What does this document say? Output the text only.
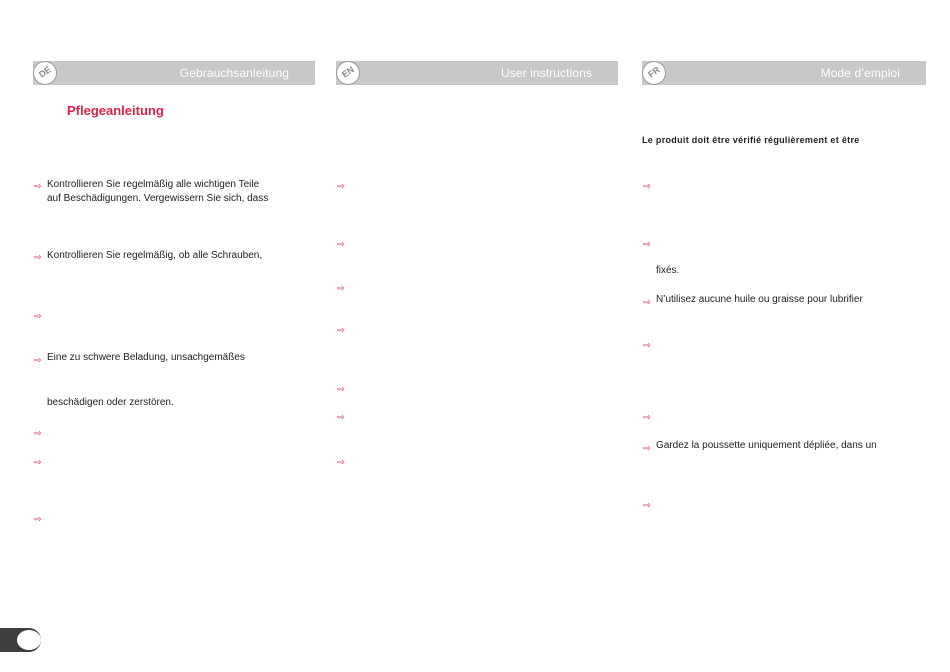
Gebrauchsanleitung
DE
Pflegeanleitung
⇨ Kontrollieren Sie regelmäßig alle wichtigen Teile
auf Beschädigungen. Vergewissern Sie sich, dass
⇨ Kontrollieren Sie regelmäßig, ob alle Schrauben,
⇨
⇨ Eine zu schwere Beladung, unsachgemäßes
beschädigen oder zerstören.
⇨
⇨
⇨
User instructions
EN
⇨
⇨
⇨
⇨
⇨
⇨
⇨
Mode d’emploi
FR
Le produit doit être vérifié régulièrement et être
⇨
⇨
fixés.
⇨ N’utilisez aucune huile ou graisse pour lubrifier
⇨
⇨
⇨ Gardez la poussette uniquement dépliée, dans un
⇨
